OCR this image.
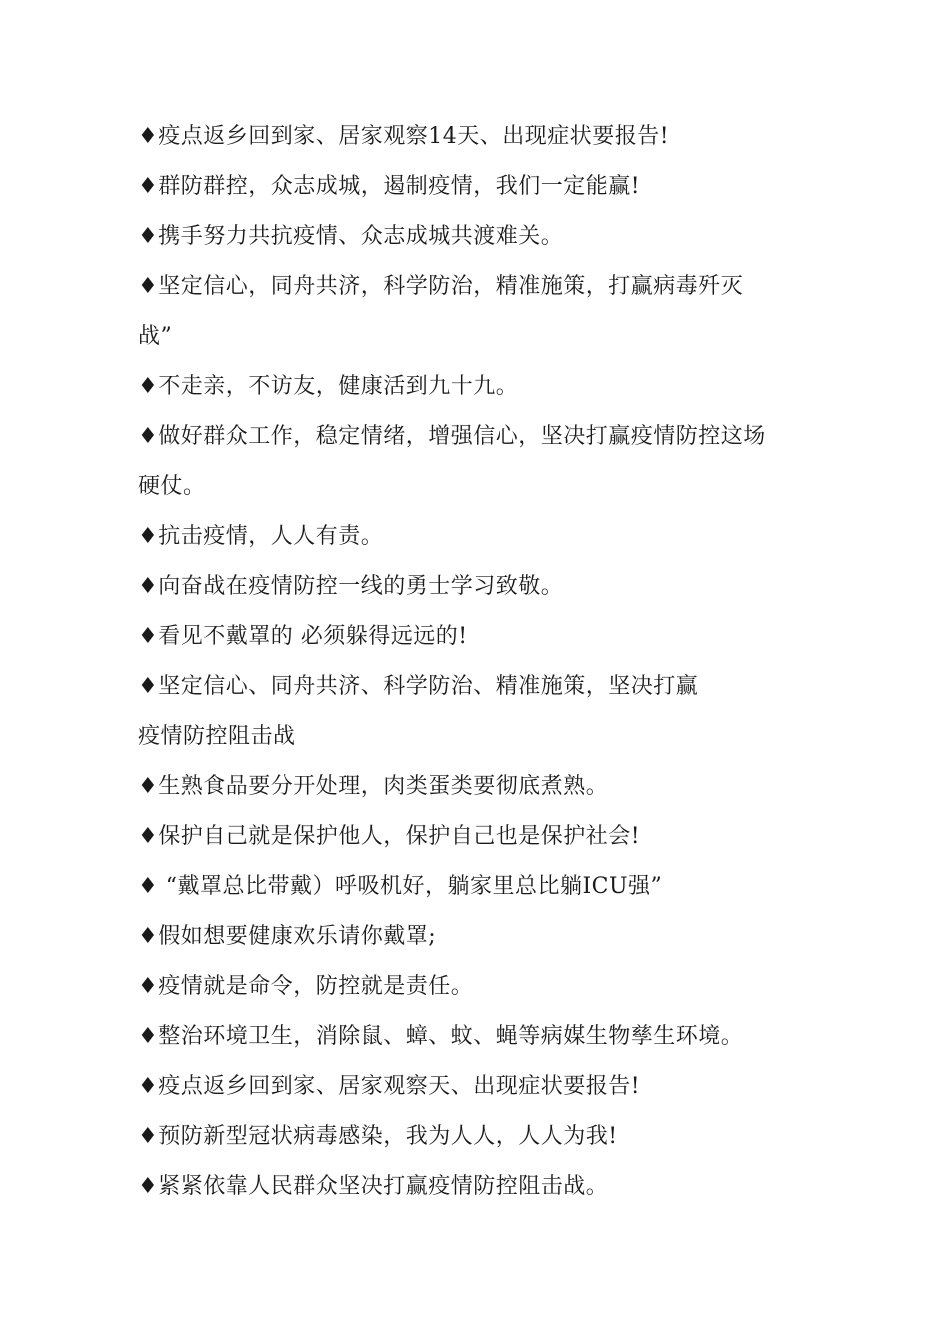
♦疫点返乡回到家、居家观察14天、出现症状要报告!
♦群防群控，众志成城，遏制疫情，我们一定能赢!
♦携手努力共抗疫情、众志成城共渡难关。
♦坚定信心，同舟共济，科学防治，精准施策，打赢病毒歼灭
战”
♦不走亲，不访友，健康活到九十九。
♦做好群众工作，稳定情绪，增强信心，坚决打赢疫情防控这场
硬仗。
♦抗击疫情，人人有责。
♦向奋战在疫情防控一线的勇士学习致敬。
♦看见不戴罩的 必须躲得远远的!
♦坚定信心、同舟共济、科学防治、精准施策，坚决打赢
疫情防控阻击战
♦生熟食品要分开处理，肉类蛋类要彻底煮熟。
♦保护自己就是保护他人，保护自己也是保护社会!
♦ “戴罩总比带戴）呼吸机好，躺家里总比躺ICU强”
♦假如想要健康欢乐请你戴罩;
♦疫情就是命令，防控就是责任。
♦整治环境卫生，消除鼠、蟑、蚊、蝇等病媒生物孳生环境。
♦疫点返乡回到家、居家观察天、出现症状要报告!
♦预防新型冠状病毒感染，我为人人，人人为我!
♦紧紧依靠人民群众坚决打赢疫情防控阻击战。
